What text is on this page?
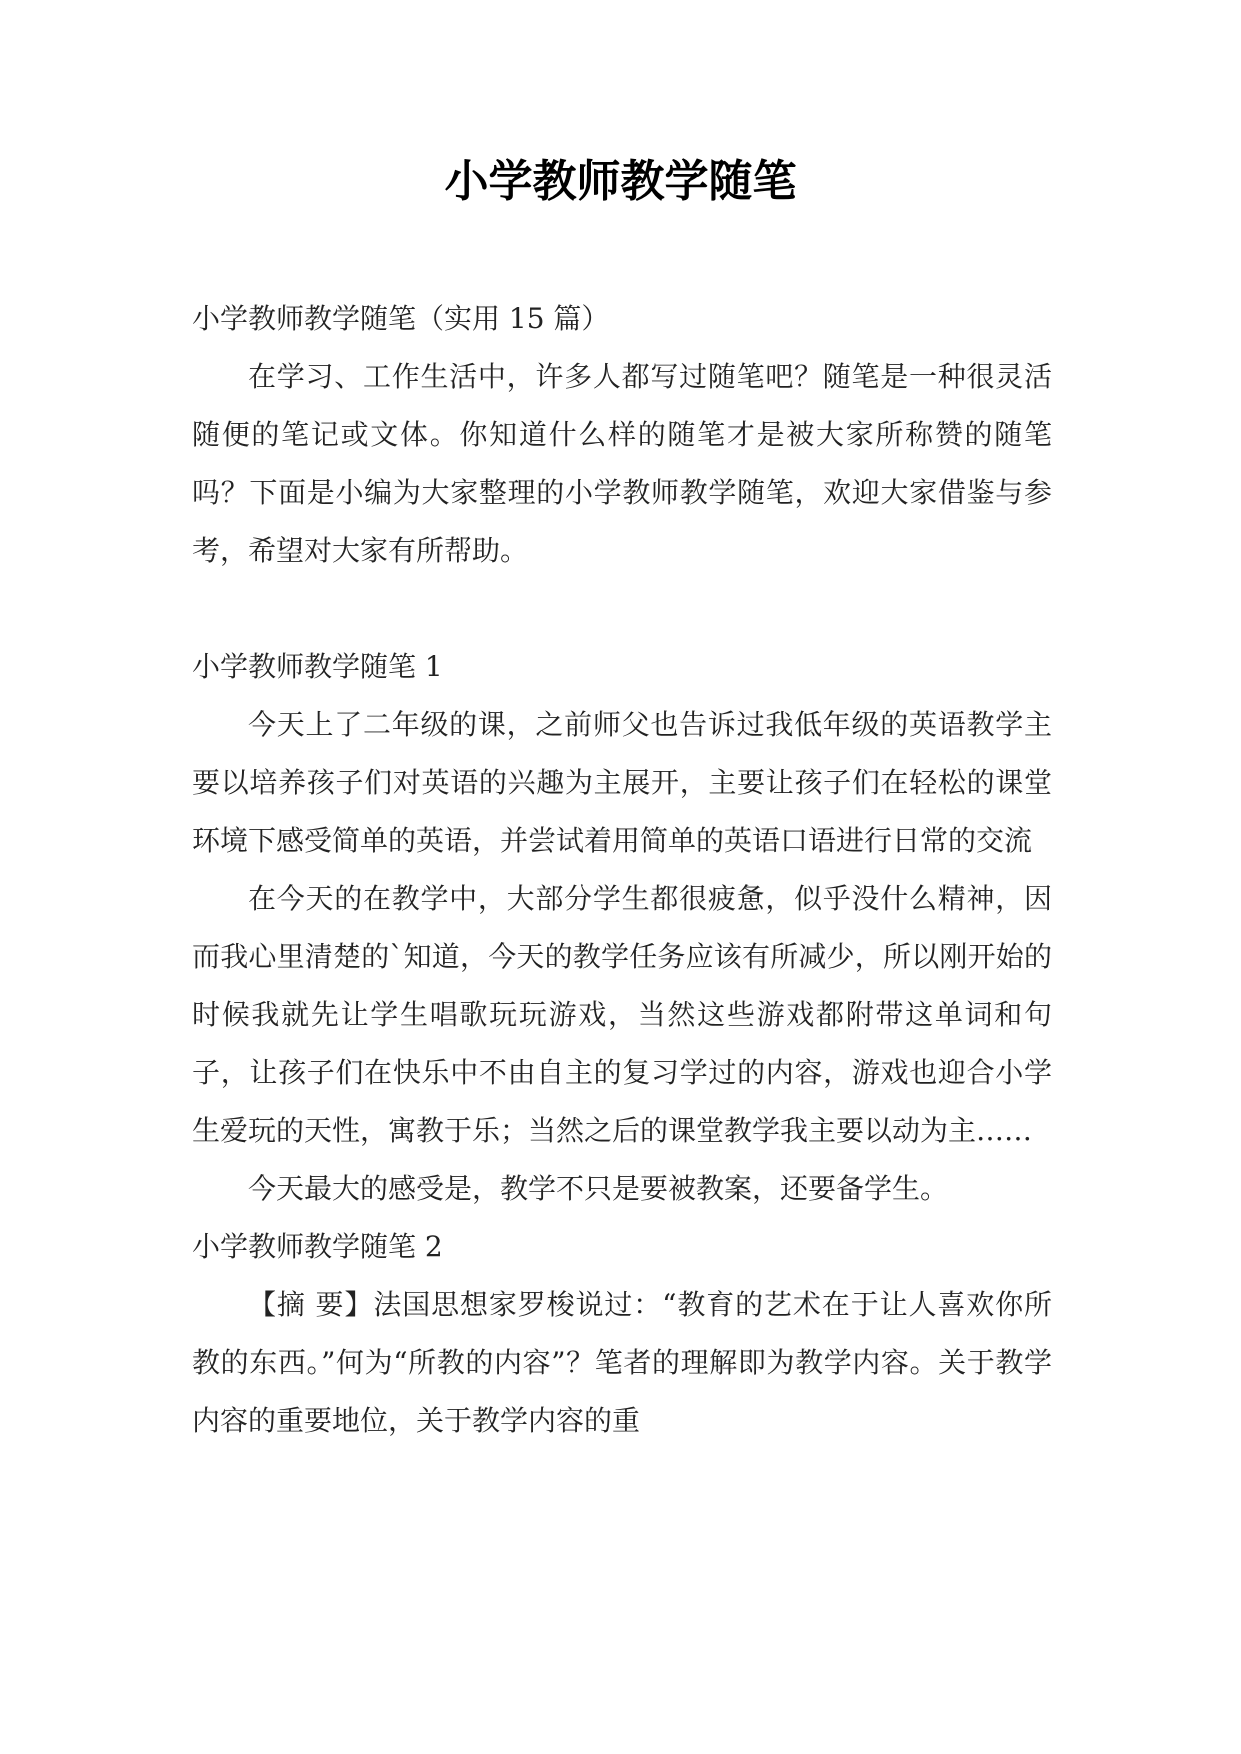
小学教师教学随笔

小学教师教学随笔（实用 15 篇）

在学习、工作生活中，许多人都写过随笔吧？随笔是一种很灵活随便的笔记或文体。你知道什么样的随笔才是被大家所称赞的随笔吗？下面是小编为大家整理的小学教师教学随笔，欢迎大家借鉴与参考，希望对大家有所帮助。

小学教师教学随笔 1

今天上了二年级的课，之前师父也告诉过我低年级的英语教学主要以培养孩子们对英语的兴趣为主展开，主要让孩子们在轻松的课堂环境下感受简单的英语，并尝试着用简单的英语口语进行日常的交流

在今天的在教学中，大部分学生都很疲惫，似乎没什么精神，因而我心里清楚的`知道，今天的教学任务应该有所减少，所以刚开始的时候我就先让学生唱歌玩玩游戏，当然这些游戏都附带这单词和句子，让孩子们在快乐中不由自主的复习学过的内容，游戏也迎合小学生爱玩的天性，寓教于乐；当然之后的课堂教学我主要以动为主……

今天最大的感受是，教学不只是要被教案，还要备学生。

小学教师教学随笔 2

【摘 要】法国思想家罗梭说过：“教育的艺术在于让人喜欢你所教的东西。”何为“所教的内容”？笔者的理解即为教学内容。关于教学内容的重要地位，关于教学内容的重
